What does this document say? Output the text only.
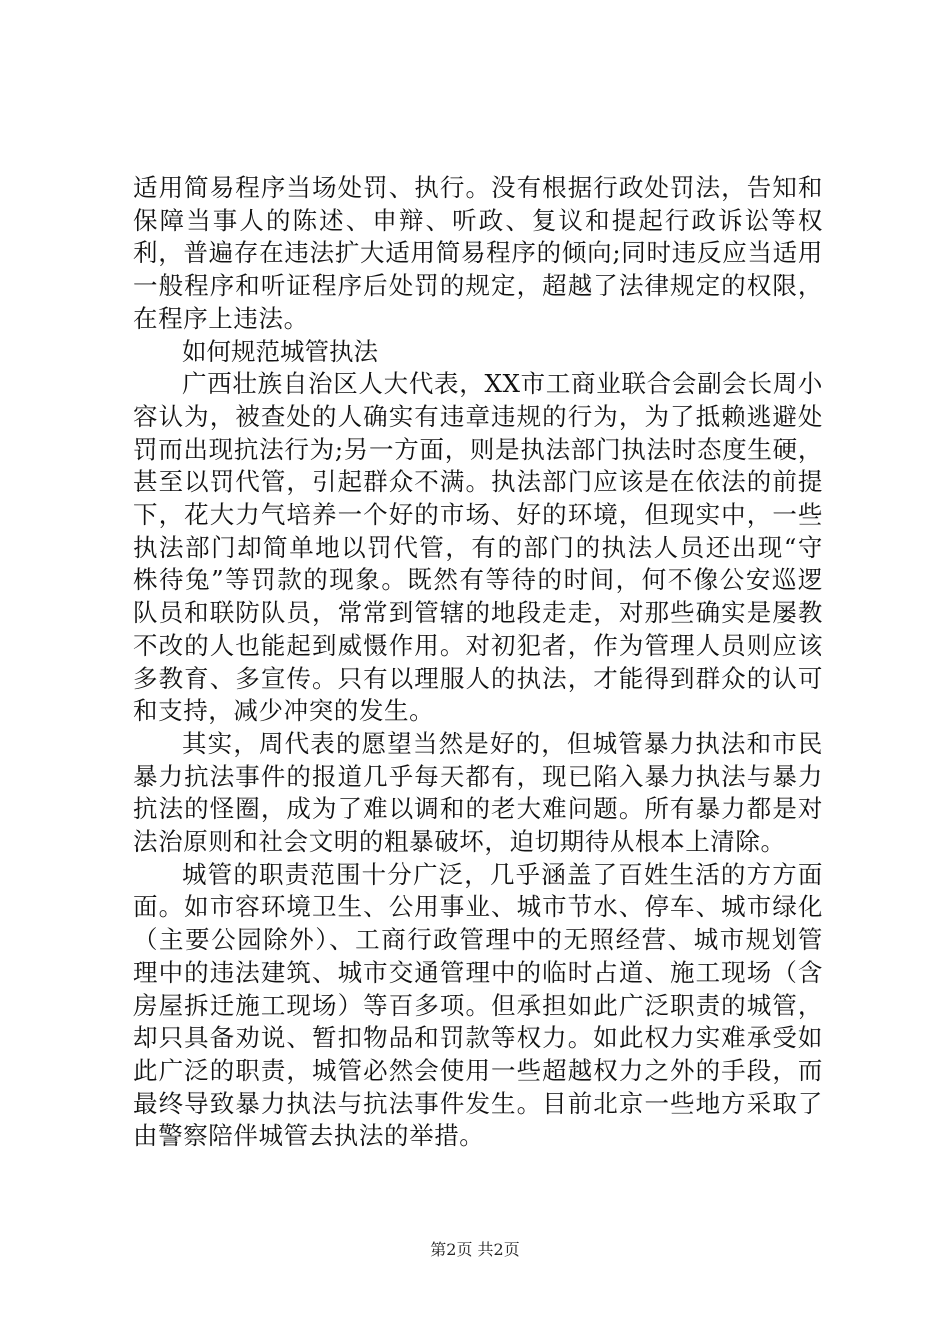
适用简易程序当场处罚、执行。没有根据行政处罚法，告知和保障当事人的陈述、申辩、听政、复议和提起行政诉讼等权利，普遍存在违法扩大适用简易程序的倾向;同时违反应当适用一般程序和听证程序后处罚的规定，超越了法律规定的权限，在程序上违法。

如何规范城管执法

广西壮族自治区人大代表，XX市工商业联合会副会长周小容认为，被查处的人确实有违章违规的行为，为了抵赖逃避处罚而出现抗法行为;另一方面，则是执法部门执法时态度生硬，甚至以罚代管，引起群众不满。执法部门应该是在依法的前提下，花大力气培养一个好的市场、好的环境，但现实中，一些执法部门却简单地以罚代管，有的部门的执法人员还出现“守株待兔”等罚款的现象。既然有等待的时间，何不像公安巡逻队员和联防队员，常常到管辖的地段走走，对那些确实是屡教不改的人也能起到威慑作用。对初犯者，作为管理人员则应该多教育、多宣传。只有以理服人的执法，才能得到群众的认可和支持，减少冲突的发生。

其实，周代表的愿望当然是好的，但城管暴力执法和市民暴力抗法事件的报道几乎每天都有，现已陷入暴力执法与暴力抗法的怪圈，成为了难以调和的老大难问题。所有暴力都是对法治原则和社会文明的粗暴破坏，迫切期待从根本上清除。

城管的职责范围十分广泛，几乎涵盖了百姓生活的方方面面。如市容环境卫生、公用事业、城市节水、停车、城市绿化（主要公园除外）、工商行政管理中的无照经营、城市规划管理中的违法建筑、城市交通管理中的临时占道、施工现场（含房屋拆迁施工现场）等百多项。但承担如此广泛职责的城管，却只具备劝说、暂扣物品和罚款等权力。如此权力实难承受如此广泛的职责，城管必然会使用一些超越权力之外的手段，而最终导致暴力执法与抗法事件发生。目前北京一些地方采取了由警察陪伴城管去执法的举措。

第2页 共2页
